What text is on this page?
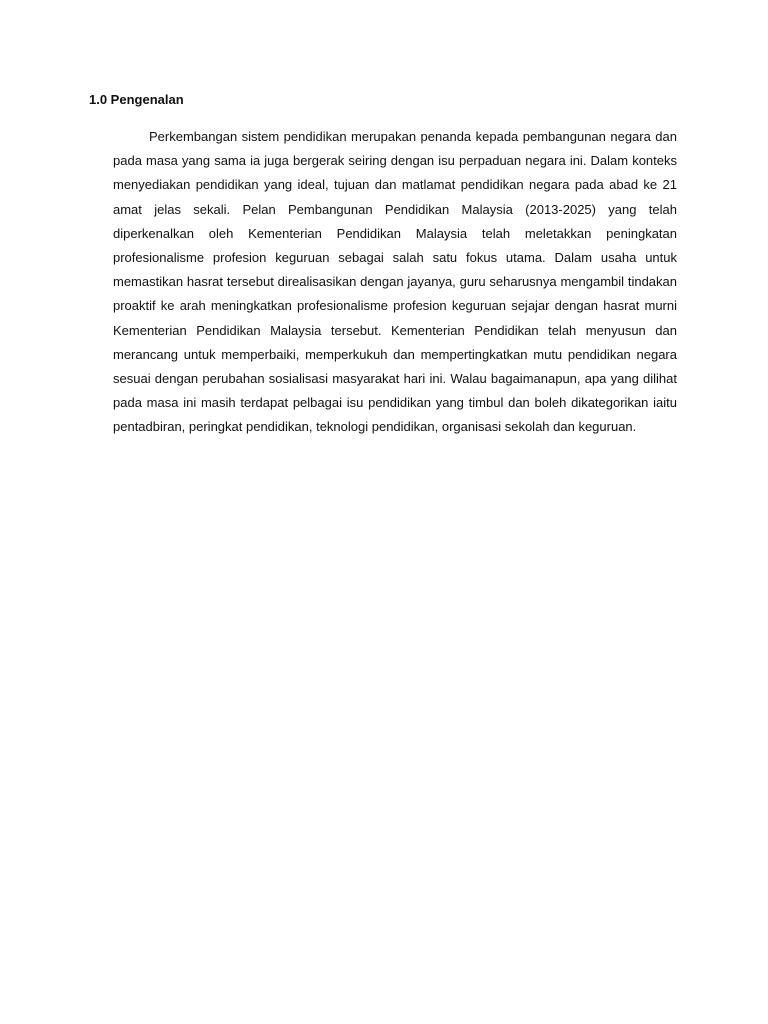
1.0 Pengenalan

Perkembangan sistem pendidikan merupakan penanda kepada pembangunan negara dan pada masa yang sama ia juga bergerak seiring dengan isu perpaduan negara ini. Dalam konteks menyediakan pendidikan yang ideal, tujuan dan matlamat pendidikan negara pada abad ke 21 amat jelas sekali. Pelan Pembangunan Pendidikan Malaysia (2013-2025) yang telah diperkenalkan oleh Kementerian Pendidikan Malaysia telah meletakkan peningkatan profesionalisme profesion keguruan sebagai salah satu fokus utama. Dalam usaha untuk memastikan hasrat tersebut direalisasikan dengan jayanya, guru seharusnya mengambil tindakan proaktif ke arah meningkatkan profesionalisme profesion keguruan sejajar dengan hasrat murni Kementerian Pendidikan Malaysia tersebut. Kementerian Pendidikan telah menyusun dan merancang untuk memperbaiki, memperkukuh dan mempertingkatkan mutu pendidikan negara sesuai dengan perubahan sosialisasi masyarakat hari ini. Walau bagaimanapun, apa yang dilihat pada masa ini masih terdapat pelbagai isu pendidikan yang timbul dan boleh dikategorikan iaitu pentadbiran, peringkat pendidikan, teknologi pendidikan, organisasi sekolah dan keguruan.
